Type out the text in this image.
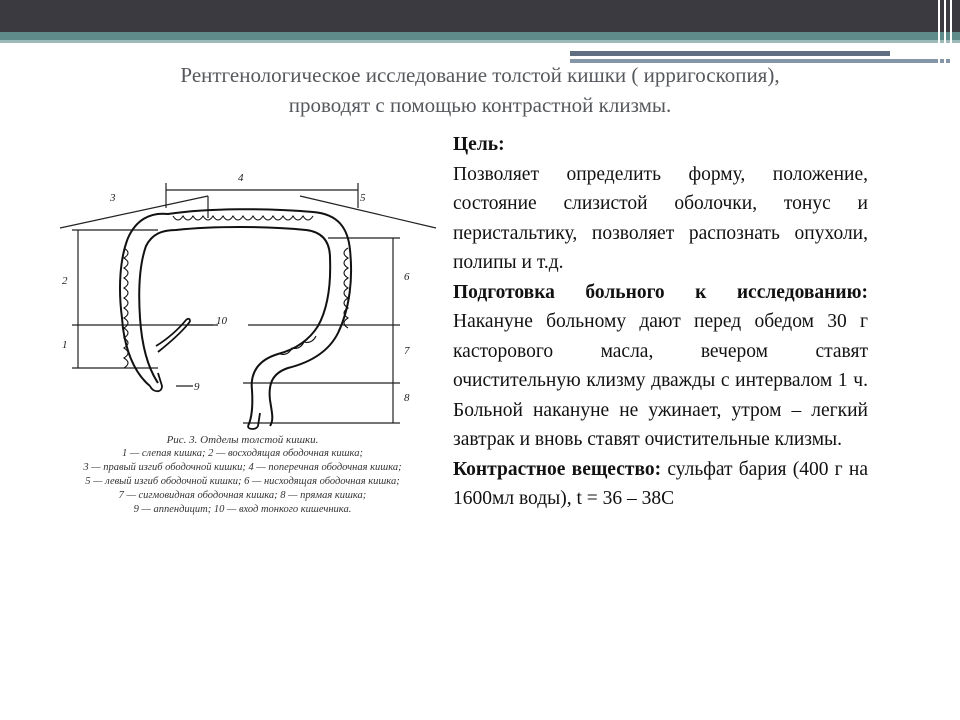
Рентгенологическое исследование толстой кишки ( ирригоскопия),
проводят с помощью контрастной клизмы.

Цель:

Позволяет определить форму, положение, состояние слизистой оболочки, тонус и перистальтику, позволяет распознать опухоли, полипы и т.д.

Подготовка больного к исследованию:

Накануне больному дают перед обедом 30 г касторового масла, вечером ставят очистительную клизму дважды с интервалом 1 ч. Больной накануне не ужинает, утром – легкий завтрак и вновь ставят очистительные клизмы.

Контрастное вещество: сульфат бария (400 г на 1600мл воды), t = 36 – 38С

3
4
5
2
1
6
7
8
9
10
Рис. 3. Отделы толстой кишки.
1 — слепая кишка; 2 — восходящая ободочная кишка;
3 — правый изгиб ободочной кишки; 4 — поперечная ободочная кишка;
5 — левый изгиб ободочной кишки; 6 — нисходящая ободочная кишка;
7 — сигмовидная ободочная кишка; 8 — прямая кишка;
9 — аппендицит; 10 — вход тонкого кишечника.
